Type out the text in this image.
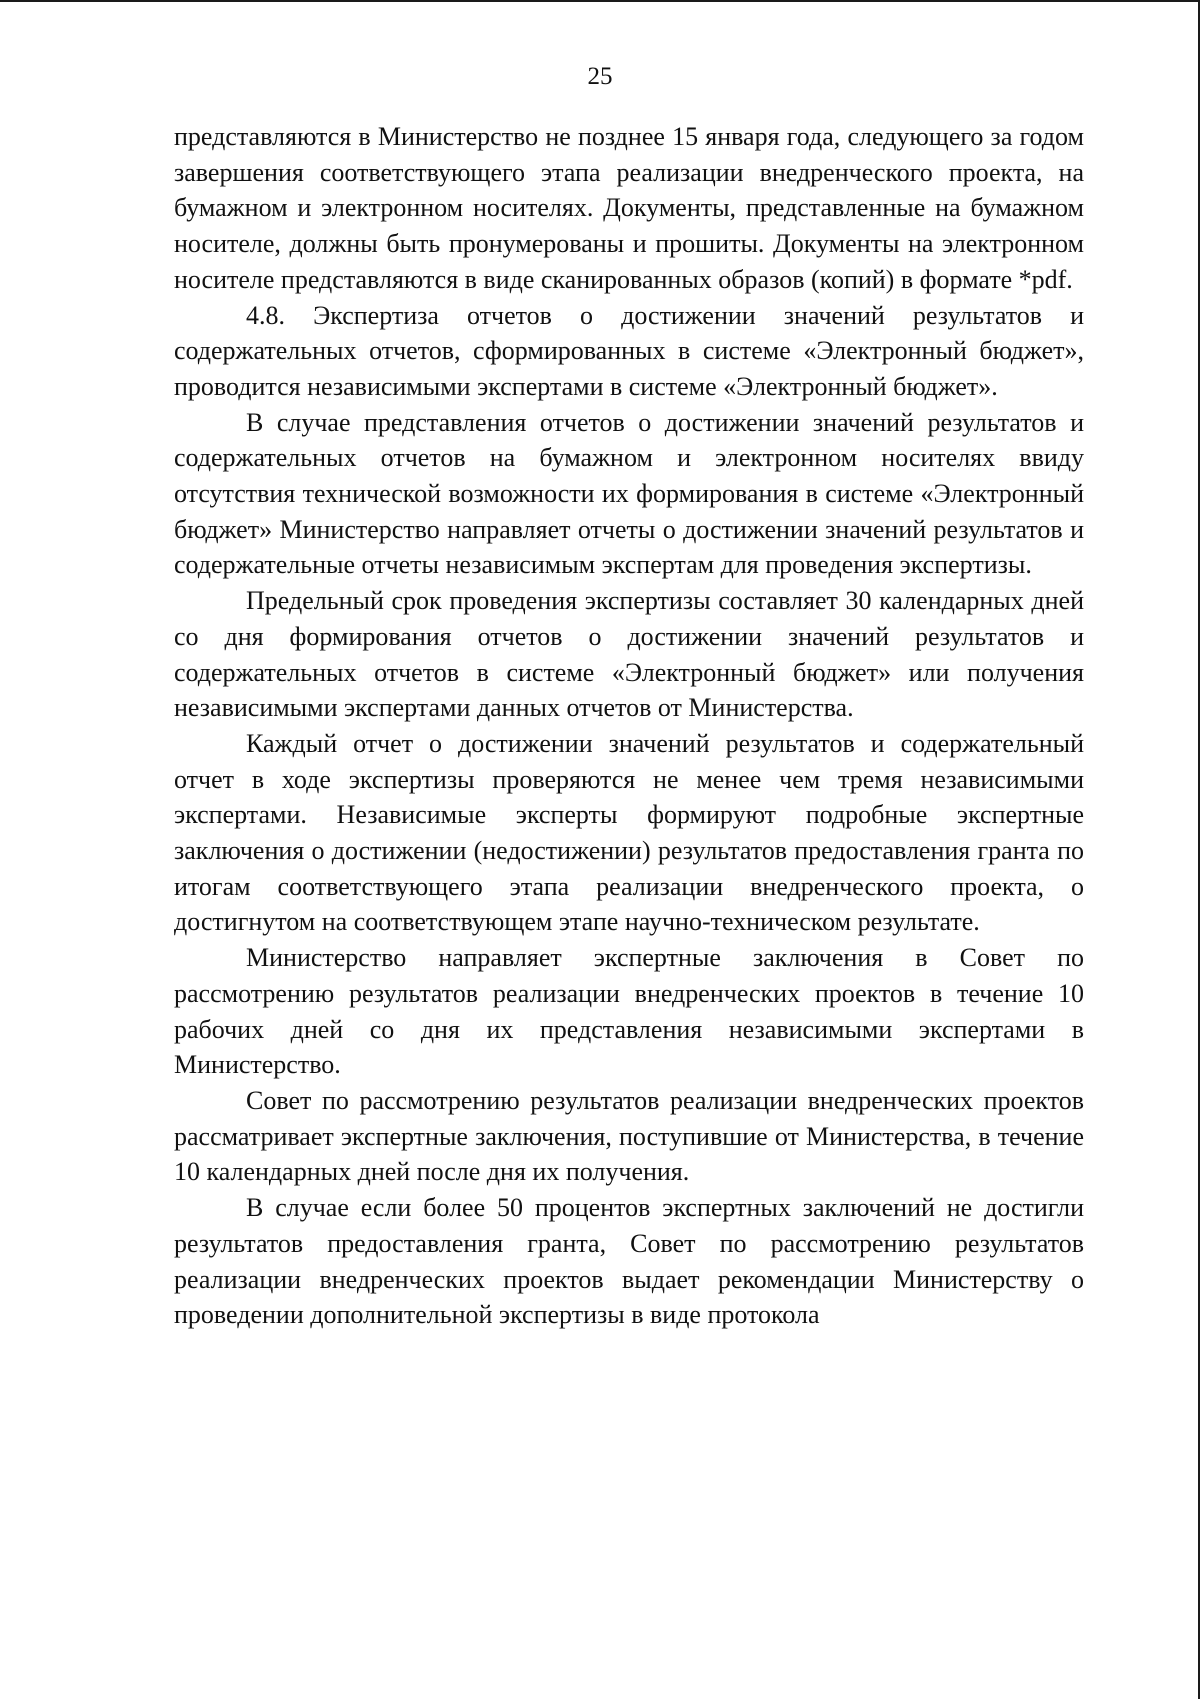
25

представляются в Министерство не позднее 15 января года, следующего за годом завершения соответствующего этапа реализации внедренческого проекта, на бумажном и электронном носителях. Документы, представленные на бумажном носителе, должны быть пронумерованы и прошиты. Документы на электронном носителе представляются в виде сканированных образов (копий) в формате *pdf.

4.8. Экспертиза отчетов о достижении значений результатов и содержательных отчетов, сформированных в системе «Электронный бюджет», проводится независимыми экспертами в системе «Электронный бюджет».

В случае представления отчетов о достижении значений результатов и содержательных отчетов на бумажном и электронном носителях ввиду отсутствия технической возможности их формирования в системе «Электронный бюджет» Министерство направляет отчеты о достижении значений результатов и содержательные отчеты независимым экспертам для проведения экспертизы.

Предельный срок проведения экспертизы составляет 30 календарных дней со дня формирования отчетов о достижении значений результатов и содержательных отчетов в системе «Электронный бюджет» или получения независимыми экспертами данных отчетов от Министерства.

Каждый отчет о достижении значений результатов и содержательный отчет в ходе экспертизы проверяются не менее чем тремя независимыми экспертами. Независимые эксперты формируют подробные экспертные заключения о достижении (недостижении) результатов предоставления гранта по итогам соответствующего этапа реализации внедренческого проекта, о достигнутом на соответствующем этапе научно-техническом результате.

Министерство направляет экспертные заключения в Совет по рассмотрению результатов реализации внедренческих проектов в течение 10 рабочих дней со дня их представления независимыми экспертами в Министерство.

Совет по рассмотрению результатов реализации внедренческих проектов рассматривает экспертные заключения, поступившие от Министерства, в течение 10 календарных дней после дня их получения.

В случае если более 50 процентов экспертных заключений не достигли результатов предоставления гранта, Совет по рассмотрению результатов реализации внедренческих проектов выдает рекомендации Министерству о проведении дополнительной экспертизы в виде протокола
